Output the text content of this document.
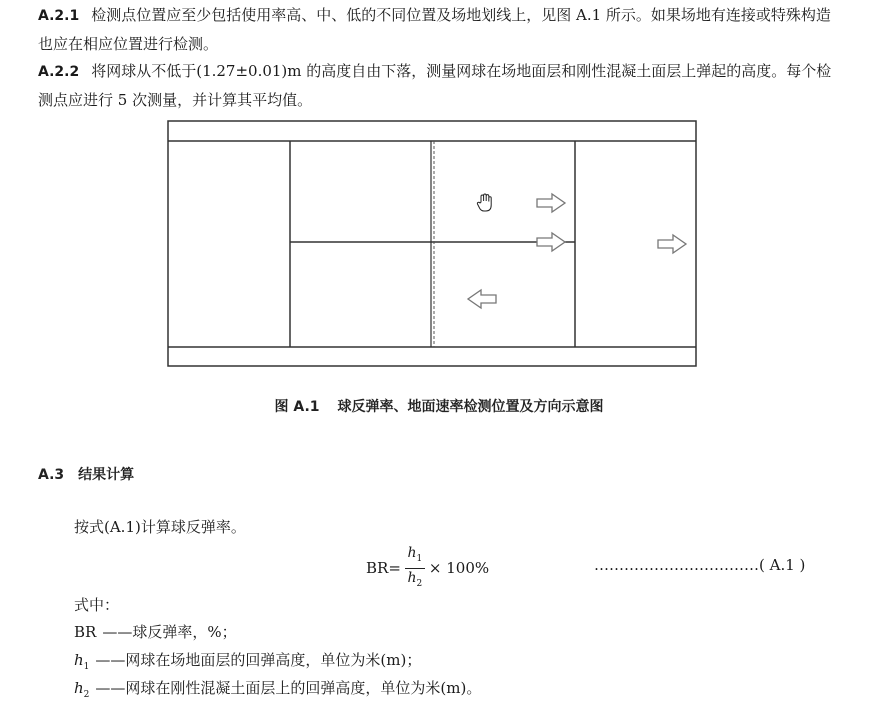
A.2.1 检测点位置应至少包括使用率高、中、低的不同位置及场地划线上，见图 A.1 所示。如果场地有连接或特殊构造也应在相应位置进行检测。
A.2.2 将网球从不低于(1.27±0.01)m 的高度自由下落，测量网球在场地面层和刚性混凝土面层上弹起的高度。每个检测点应进行 5 次测量，并计算其平均值。
图 A.1 球反弹率、地面速率检测位置及方向示意图
A.3 结果计算
按式(A.1)计算球反弹率。
BR = $\frac{h_1}{h_2} \times 100\%$	……………………………( A.1 )
式中：
BR ——球反弹率，%；
$h_1$ ——网球在场地面层的回弹高度，单位为米(m)；
$h_2$ ——网球在刚性混凝土面层上的回弹高度，单位为米(m)。
